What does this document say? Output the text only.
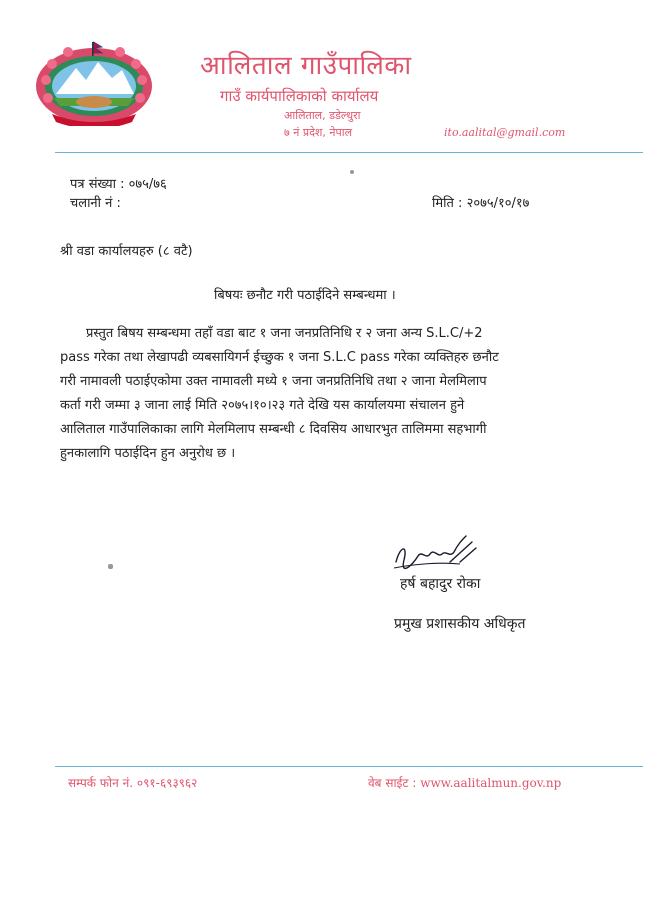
आलिताल गाउँपालिका
गाउँ कार्यपालिकाको कार्यालय
आलिताल, डडेल्धुरा
७ नं प्रदेश, नेपाल	ito.aalital@gmail.com
पत्र संख्या : ०७५/७६
चलानी नं :	मिति : २०७५/१०/१७
श्री वडा कार्यालयहरु (८ वटै)
बिषयः छनौट गरी पठाईदिने सम्बन्धमा ।

प्रस्तुत बिषय सम्बन्धमा तहाँ वडा बाट १ जना जनप्रतिनिधि र २ जना अन्य S.L.C/+2

pass गरेका तथा लेखापढी व्यबसायिगर्न ईच्छुक १ जना S.L.C pass गरेका व्यक्तिहरु छनौट

गरी नामावली पठाईएकोमा उक्त नामावली मध्ये १ जना जनप्रतिनिधि तथा २ जाना मेलमिलाप

कर्ता गरी जम्मा ३ जाना लाई मिति २०७५।१०।२३ गते देखि यस कार्यालयमा संचालन हुने

आलिताल गाउँपालिकाका लागि मेलमिलाप सम्बन्धी ८ दिवसिय आधारभुत तालिममा सहभागी

हुनकालागि पठाईदिन हुन अनुरोध छ ।

हर्ष बहादुर रोका
प्रमुख प्रशासकीय अधिकृत
सम्पर्क फोन नं. ०९१-६९३९६२	वेब साईट : www.aalitalmun.gov.np
